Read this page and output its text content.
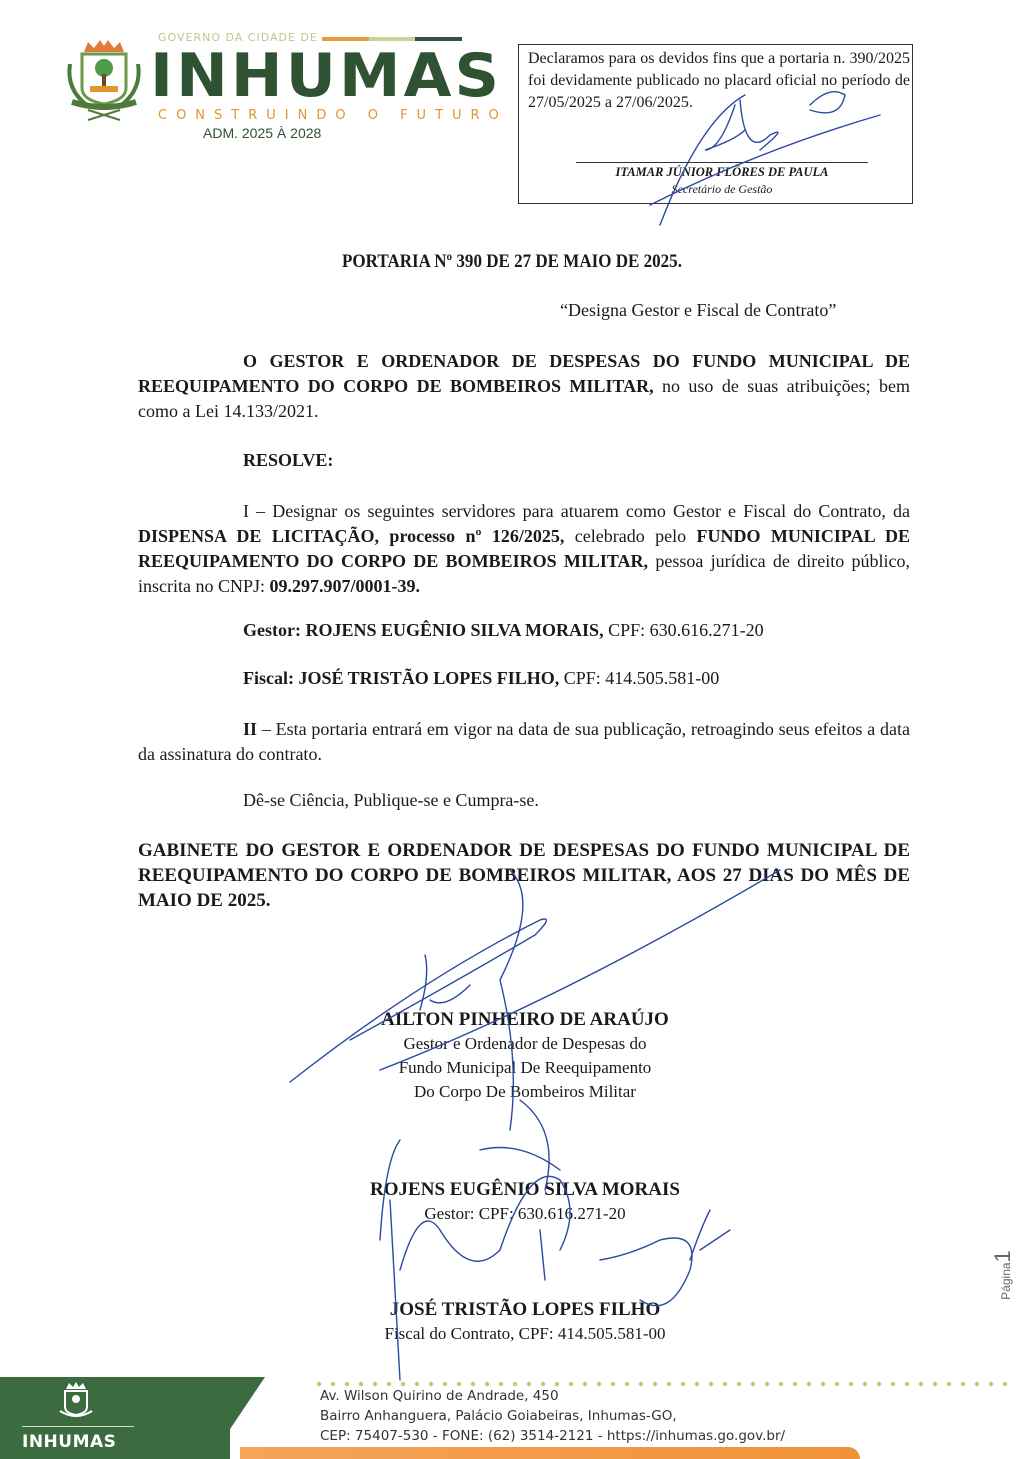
GOVERNO DA CIDADE DE
INHUMAS
CONSTRUINDO O FUTURO
ADM. 2025 À 2028
Declaramos para os devidos fins que a portaria n. 390/2025 foi devidamente publicado no placard oficial no período de 27/05/2025 a 27/06/2025.
ITAMAR JÚNIOR FLÔRES DE PAULA
Secretário de Gestão
PORTARIA Nº 390 DE 27 DE MAIO DE 2025.
“Designa Gestor e Fiscal de Contrato”
O GESTOR E ORDENADOR DE DESPESAS DO FUNDO MUNICIPAL DE REEQUIPAMENTO DO CORPO DE BOMBEIROS MILITAR, no uso de suas atribuições; bem como a Lei 14.133/2021.
RESOLVE:
I – Designar os seguintes servidores para atuarem como Gestor e Fiscal do Contrato, da DISPENSA DE LICITAÇÃO, processo nº 126/2025, celebrado pelo FUNDO MUNICIPAL DE REEQUIPAMENTO DO CORPO DE BOMBEIROS MILITAR, pessoa jurídica de direito público, inscrita no CNPJ: 09.297.907/0001-39.
Gestor: ROJENS EUGÊNIO SILVA MORAIS, CPF: 630.616.271-20
Fiscal: JOSÉ TRISTÃO LOPES FILHO, CPF: 414.505.581-00
II – Esta portaria entrará em vigor na data de sua publicação, retroagindo seus efeitos a data da assinatura do contrato.
Dê-se Ciência, Publique-se e Cumpra-se.
GABINETE DO GESTOR E ORDENADOR DE DESPESAS DO FUNDO MUNICIPAL DE REEQUIPAMENTO DO CORPO DE BOMBEIROS MILITAR, AOS 27 DIAS DO MÊS DE MAIO DE 2025.
AILTON PINHEIRO DE ARAÚJO
Gestor e Ordenador de Despesas do
Fundo Municipal De Reequipamento
Do Corpo De Bombeiros Militar
ROJENS EUGÊNIO SILVA MORAIS
Gestor: CPF: 630.616.271-20
JOSÉ TRISTÃO LOPES FILHO
Fiscal do Contrato, CPF: 414.505.581-00
Página1
INHUMAS
Av. Wilson Quirino de Andrade, 450
Bairro Anhanguera, Palácio Goiabeiras, Inhumas-GO,
CEP: 75407-530 - FONE: (62) 3514-2121 - https://inhumas.go.gov.br/
